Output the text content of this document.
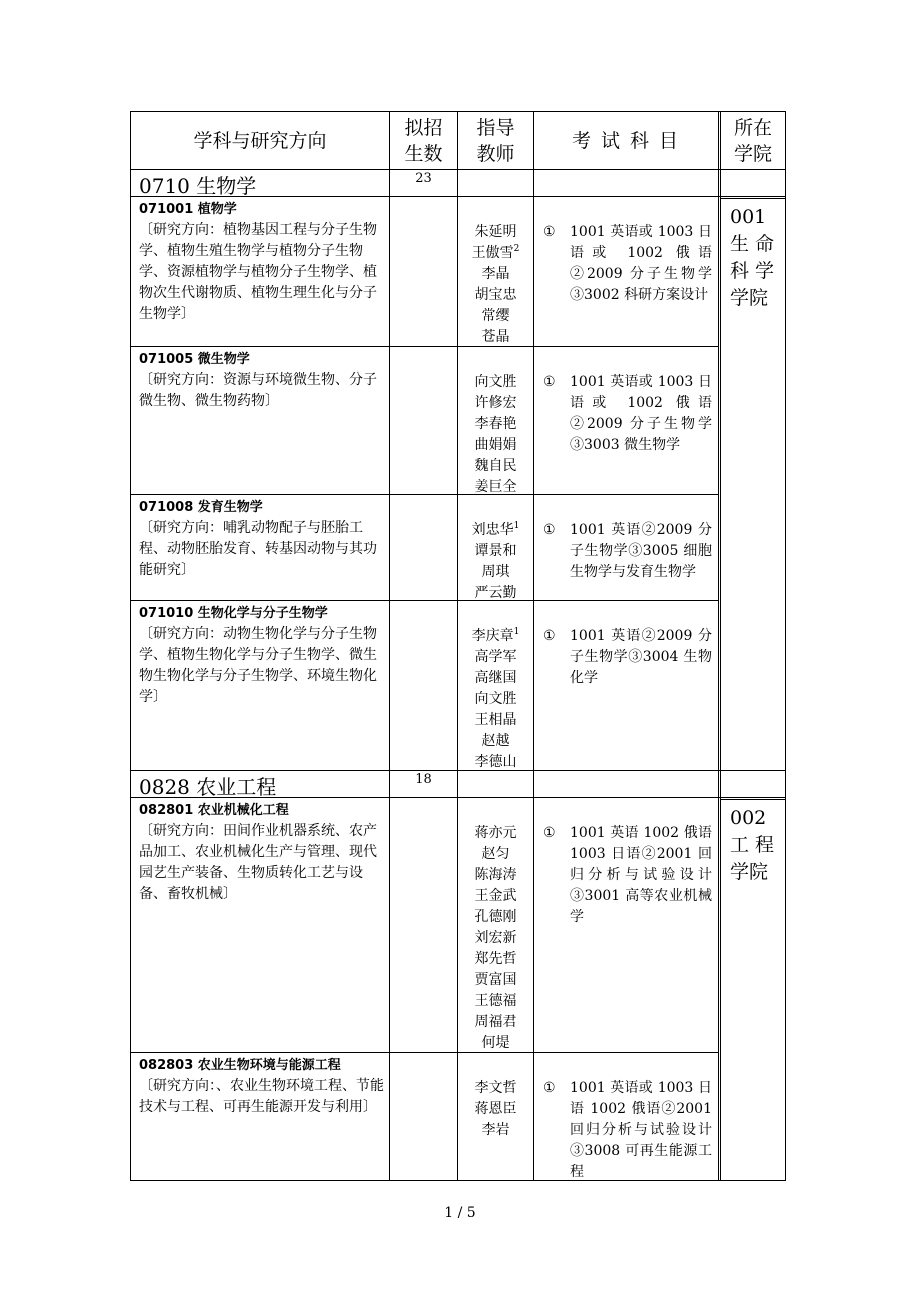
学科与研究方向
拟招
生数
指导
教师
考 试 科 目
所在
学院
0710 生物学	23
001
生 命
科 学
学院
071001 植物学
〔研究方向：植物基因工程与分子生物学、植物生殖生物学与植物分子生物学、资源植物学与植物分子生物学、植物次生代谢物质、植物生理生化与分子生物学〕
朱延明
王傲雪$^2$
李晶
胡宝忠
常缨
苍晶
① 1001 英语或 1003 日语或 1002 俄语②2009 分子生物学③3002 科研方案设计
071005 微生物学
〔研究方向：资源与环境微生物、分子微生物、微生物药物〕
向文胜
许修宏
李春艳
曲娟娟
魏自民
姜巨全
① 1001 英语或 1003 日语或 1002 俄语②2009 分子生物学③3003 微生物学
071008 发育生物学
〔研究方向：哺乳动物配子与胚胎工程、动物胚胎发育、转基因动物与其功能研究〕
刘忠华$^1$
谭景和
周琪
严云勤
① 1001 英语②2009 分子生物学③3005 细胞生物学与发育生物学
071010 生物化学与分子生物学
〔研究方向：动物生物化学与分子生物学、植物生物化学与分子生物学、微生物生物化学与分子生物学、环境生物化学〕
李庆章$^1$
高学军
高继国
向文胜
王相晶
赵越
李德山
① 1001 英语②2009 分子生物学③3004 生物化学
0828 农业工程	18
002
工 程
学院
082801 农业机械化工程
〔研究方向：田间作业机器系统、农产品加工、农业机械化生产与管理、现代园艺生产装备、生物质转化工艺与设备、畜牧机械〕
蒋亦元
赵匀
陈海涛
王金武
孔德刚
刘宏新
郑先哲
贾富国
王德福
周福君
何堤
① 1001 英语 1002 俄语 1003 日语②2001 回归分析与试验设计③3001 高等农业机械学
082803 农业生物环境与能源工程
〔研究方向：、农业生物环境工程、节能技术与工程、可再生能源开发与利用〕
李文哲
蒋恩臣
李岩
① 1001 英语或 1003 日语 1002 俄语②2001 回归分析与试验设计③3008 可再生能源工程
1 / 5
